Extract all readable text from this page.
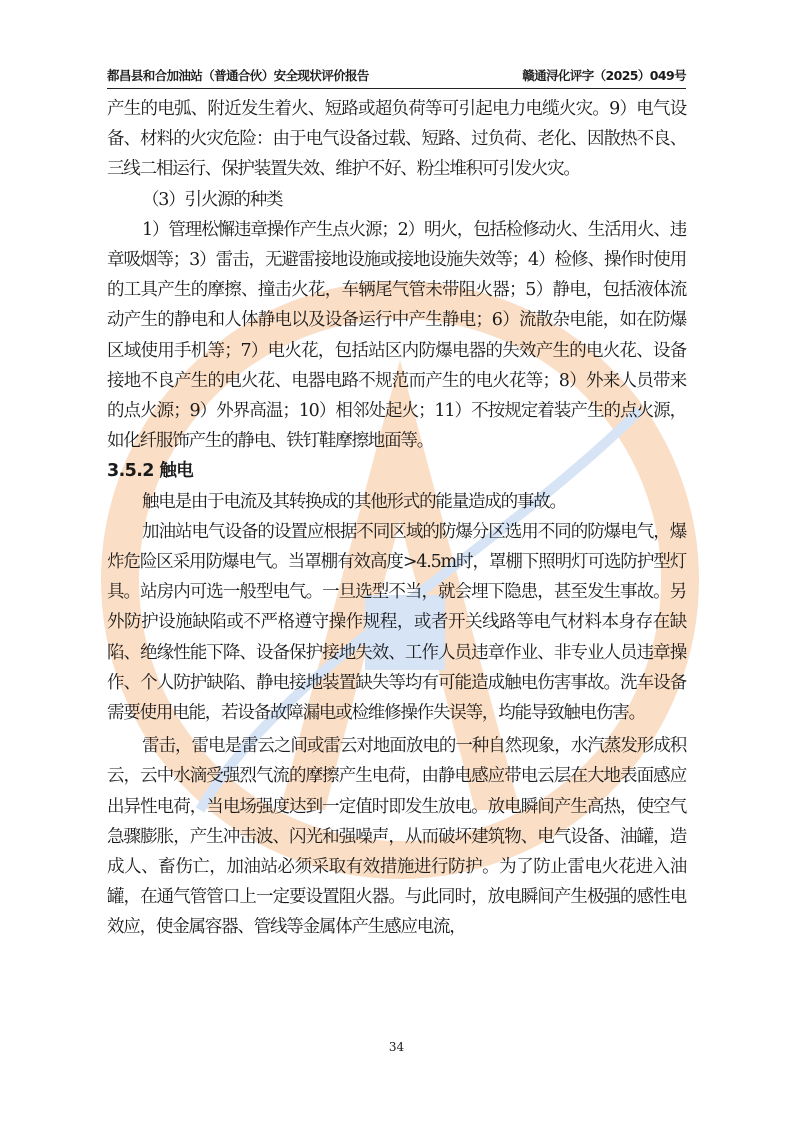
都昌县和合加油站（普通合伙）安全现状评价报告	赣通浔化评字（2025）049号

产生的电弧、附近发生着火、短路或超负荷等可引起电力电缆火灾。9）电气设备、材料的火灾危险：由于电气设备过载、短路、过负荷、老化、因散热不良、三线二相运行、保护装置失效、维护不好、粉尘堆积可引发火灾。

（3）引火源的种类

1）管理松懈违章操作产生点火源；2）明火，包括检修动火、生活用火、违章吸烟等；3）雷击，无避雷接地设施或接地设施失效等；4）检修、操作时使用的工具产生的摩擦、撞击火花，车辆尾气管未带阻火器；5）静电，包括液体流动产生的静电和人体静电以及设备运行中产生静电；6）流散杂电能，如在防爆区域使用手机等；7）电火花，包括站区内防爆电器的失效产生的电火花、设备接地不良产生的电火花、电器电路不规范而产生的电火花等；8）外来人员带来的点火源；9）外界高温；10）相邻处起火；11）不按规定着装产生的点火源，如化纤服饰产生的静电、铁钉鞋摩擦地面等。

3.5.2 触电

触电是由于电流及其转换成的其他形式的能量造成的事故。

加油站电气设备的设置应根据不同区域的防爆分区选用不同的防爆电气，爆炸危险区采用防爆电气。当罩棚有效高度>4.5m时，罩棚下照明灯可选防护型灯具。站房内可选一般型电气。一旦选型不当，就会埋下隐患，甚至发生事故。另外防护设施缺陷或不严格遵守操作规程，或者开关线路等电气材料本身存在缺陷、绝缘性能下降、设备保护接地失效、工作人员违章作业、非专业人员违章操作、个人防护缺陷、静电接地装置缺失等均有可能造成触电伤害事故。洗车设备需要使用电能，若设备故障漏电或检维修操作失误等，均能导致触电伤害。

雷击，雷电是雷云之间或雷云对地面放电的一种自然现象，水汽蒸发形成积云，云中水滴受强烈气流的摩擦产生电荷，由静电感应带电云层在大地表面感应出异性电荷，当电场强度达到一定值时即发生放电。放电瞬间产生高热，使空气急骤膨胀，产生冲击波、闪光和强噪声，从而破坏建筑物、电气设备、油罐，造成人、畜伤亡，加油站必须采取有效措施进行防护。为了防止雷电火花进入油罐，在通气管管口上一定要设置阻火器。与此同时，放电瞬间产生极强的感性电效应，使金属容器、管线等金属体产生感应电流，

34
